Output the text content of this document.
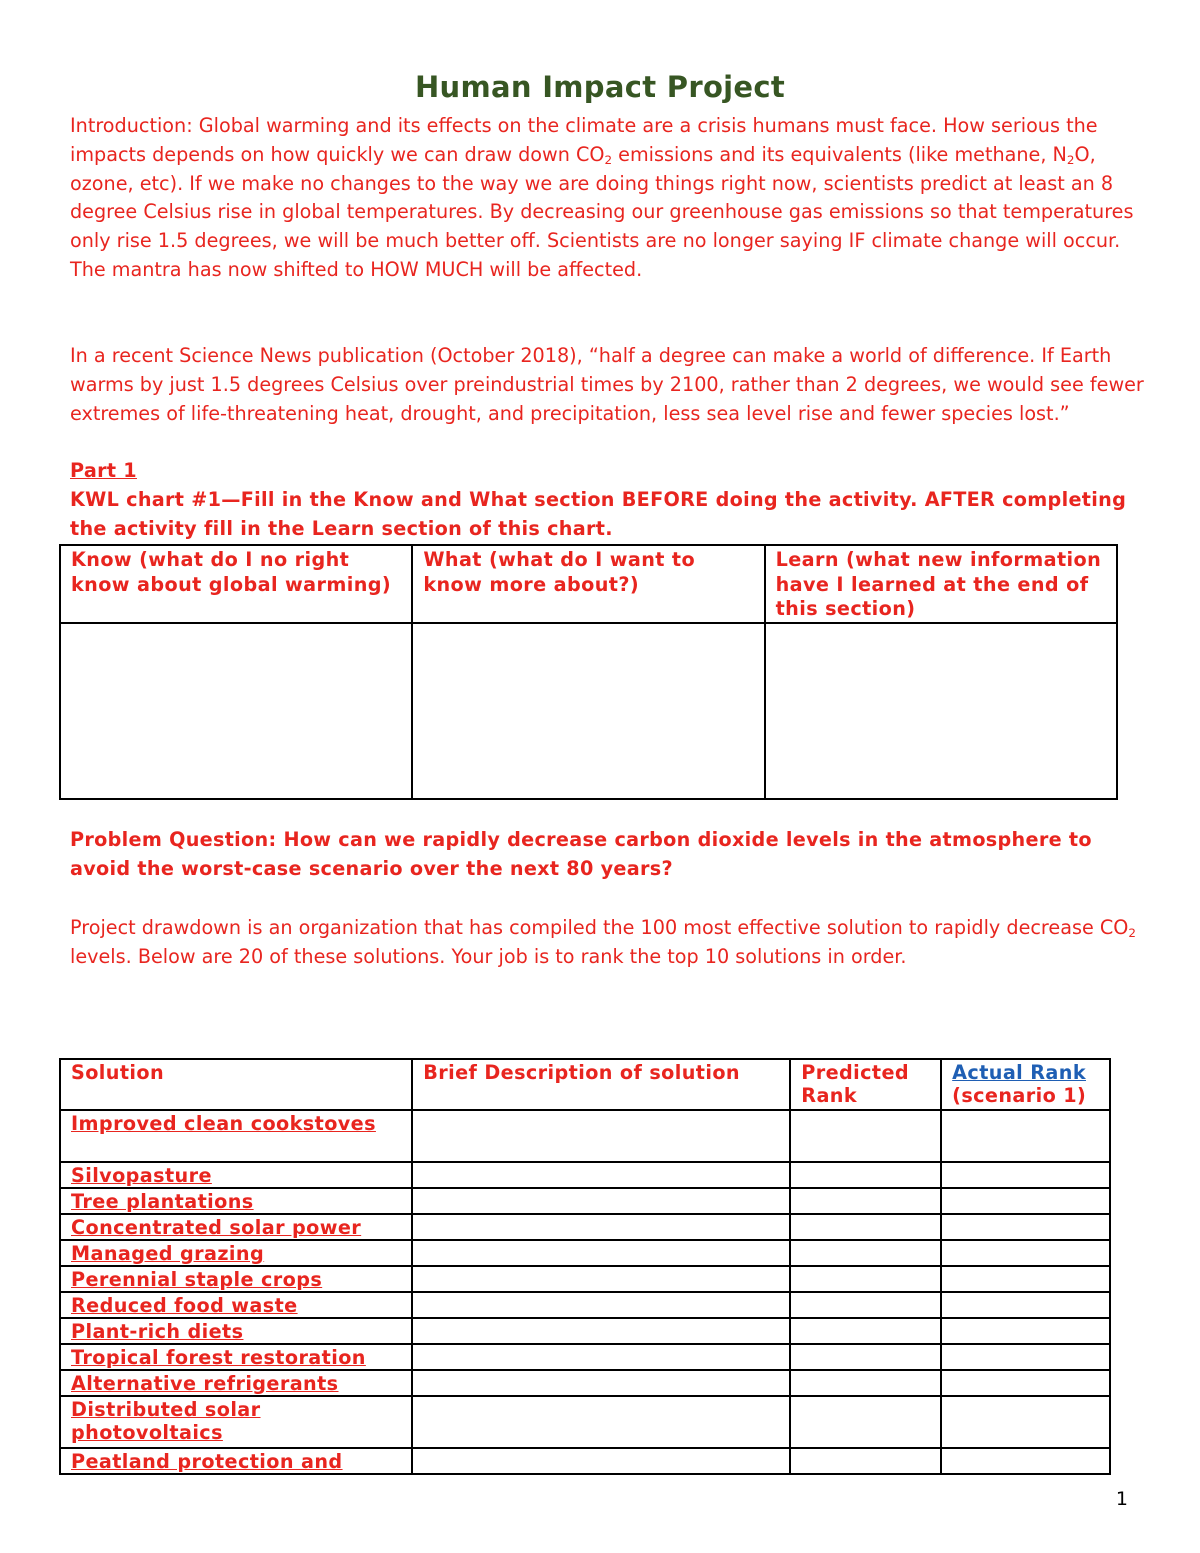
Human Impact Project

Introduction: Global warming and its effects on the climate are a crisis humans must face. How serious the impacts depends on how quickly we can draw down $CO_2$ emissions and its equivalents (like methane, $N_2O$, ozone, etc). If we make no changes to the way we are doing things right now, scientists predict at least an 8 degree Celsius rise in global temperatures. By decreasing our greenhouse gas emissions so that temperatures only rise 1.5 degrees, we will be much better off. Scientists are no longer saying IF climate change will occur. The mantra has now shifted to HOW MUCH will be affected.

In a recent Science News publication (October 2018), “half a degree can make a world of difference. If Earth warms by just 1.5 degrees Celsius over preindustrial times by 2100, rather than 2 degrees, we would see fewer extremes of life-threatening heat, drought, and precipitation, less sea level rise and fewer species lost.”

Part 1

KWL chart #1—Fill in the Know and What section BEFORE doing the activity. AFTER completing the activity fill in the Learn section of this chart.

Know (what do I no right know about global warming)	What (what do I want to know more about?)	Learn (what new information have I learned at the end of this section)

Problem Question: How can we rapidly decrease carbon dioxide levels in the atmosphere to avoid the worst-case scenario over the next 80 years?

Project drawdown is an organization that has compiled the 100 most effective solution to rapidly decrease $CO_2$ levels. Below are 20 of these solutions. Your job is to rank the top 10 solutions in order.

Solution	Brief Description of solution	Predicted Rank	Actual Rank
(scenario 1)
Improved clean cookstoves			
Silvopasture			
Tree plantations			
Concentrated solar power			
Managed grazing			
Perennial staple crops			
Reduced food waste			
Plant-rich diets			
Tropical forest restoration			
Alternative refrigerants			
Distributed solar photovoltaics			
Peatland protection and			
1
